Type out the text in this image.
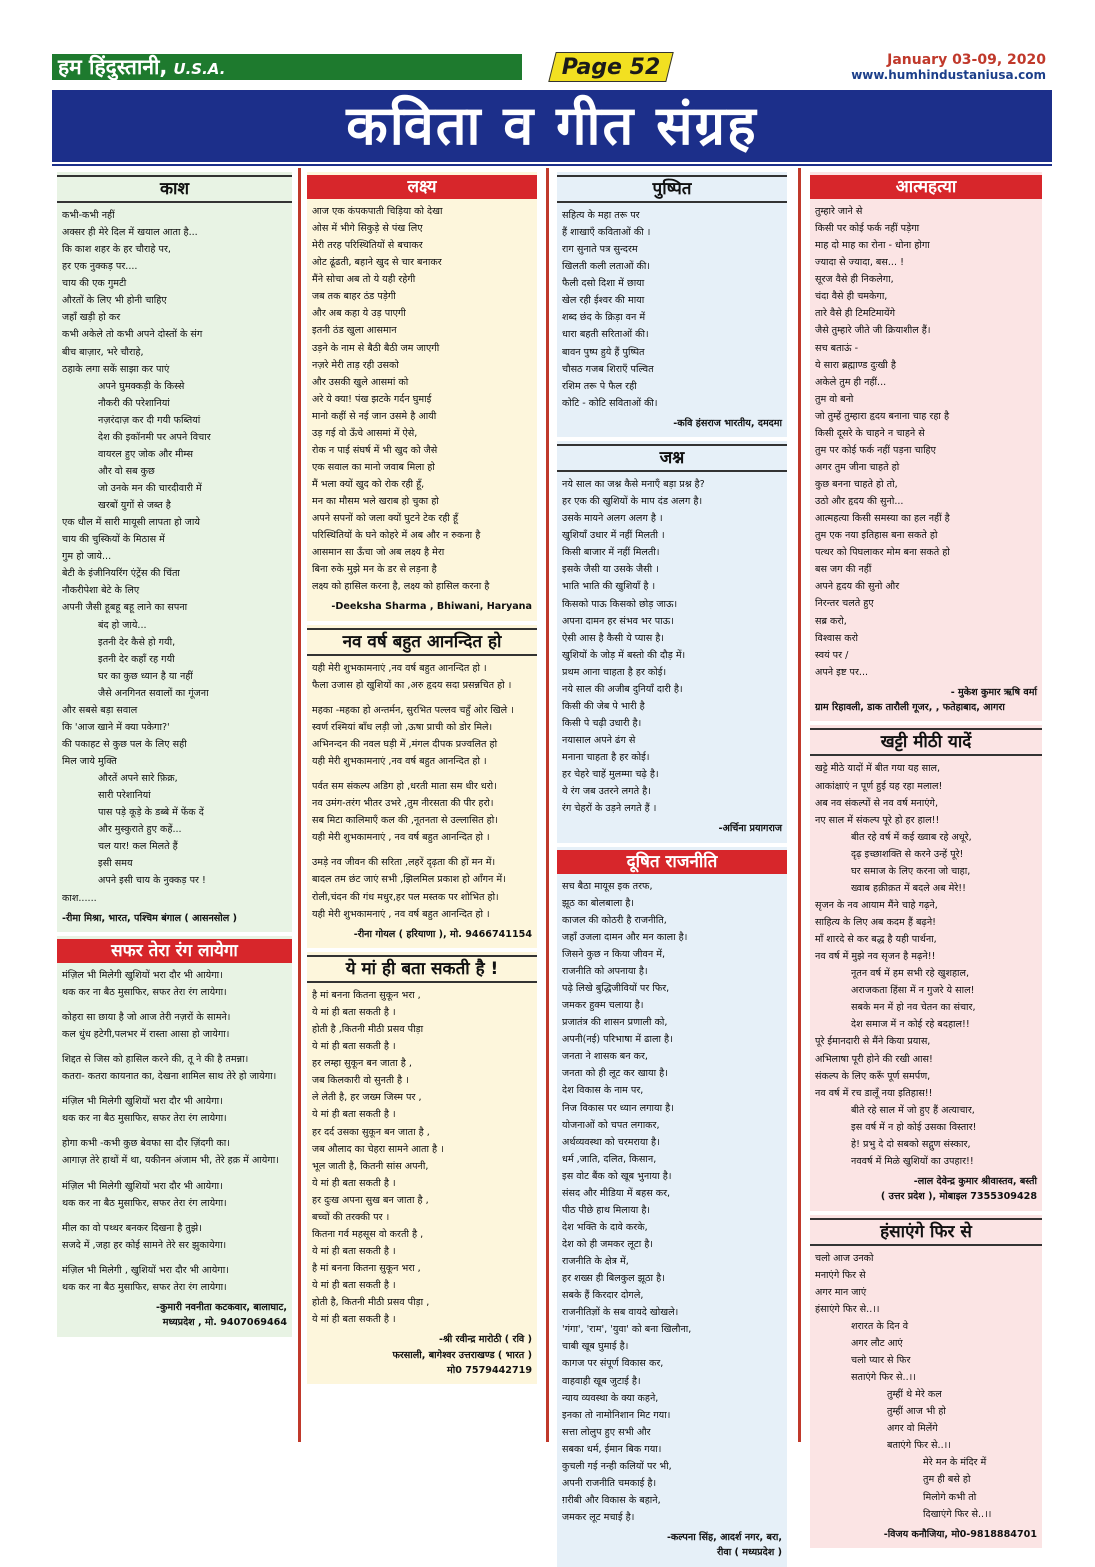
हम हिंदुस्तानी, U.S.A.	Page 52	January 03-09, 2020
www.humhindustaniusa.com
कविता व गीत संग्रह
काश
कभी-कभी नहीं
अक्सर ही मेरे दिल में खयाल आता है...
कि काश शहर के हर चौराहे पर,
हर एक नुक्कड़ पर....
चाय की एक गुमटी
औरतों के लिए भी होनी चाहिए
जहाँ खड़ी हो कर
कभी अकेले तो कभी अपने दोस्तों के संग
बीच बाज़ार, भरे चौराहे,
ठहाके लगा सकें साझा कर पाएं
अपने घुमक्कड़ी के किस्से
नौकरी की परेशानियां
नज़रंदाज़ कर दी गयी फब्तियां
देश की इकॉनमी पर अपने विचार
वायरल हुए जोक और मीम्स
और वो सब कुछ
जो उनके मन की चारदीवारी में
खरबों युगों से जब्त है
एक धौल में सारी मायूसी लापता हो जाये
चाय की चुस्कियों के मिठास में
गुम हो जाये...
बेटी के इंजीनियरिंग एंट्रेंस की चिंता
नौकरीपेशा बेटे के लिए
अपनी जैसी हूबहू बहू लाने का सपना
बंद हो जाये...
इतनी देर कैसे हो गयी,
इतनी देर कहाँ रह गयी
घर का कुछ ध्यान है या नहीं
जैसे अनगिनत सवालों का गूंजना
और सबसे बड़ा सवाल
कि 'आज खाने में क्या पकेगा?'
की पकाहट से कुछ पल के लिए सही
मिल जाये मुक्ति
औरतें अपने सारे फ़िक्र,
सारी परेशानियां
पास पड़े कूड़े के डब्बे में फेंक दें
और मुस्कुराते हुए कहें...
चल यार! कल मिलते हैं
इसी समय
अपने इसी चाय के नुक्कड़ पर !
काश......
-रीमा मिश्रा, भारत, पश्चिम बंगाल ( आसनसोल )
सफर तेरा रंग लायेगा
मंज़िल भी मिलेगी खुशियों भरा दौर भी आयेगा।
थक कर ना बैठ मुसाफिर, सफर तेरा रंग लायेगा।
कोहरा सा छाया है जो आज तेरी नज़रों के सामने।
कल धुंध हटेगी,पलभर में रास्ता आसा हो जायेगा।
शिद्दत से जिस को हासिल करने की, तू ने की है तमन्ना।
कतरा- कतरा कायनात का, देखना शामिल साथ तेरे हो जायेगा।
मंज़िल भी मिलेगी खुशियों भरा दौर भी आयेगा।
थक कर ना बैठ मुसाफिर, सफर तेरा रंग लायेगा।
होगा कभी -कभी कुछ बेवफा सा दौर ज़िंदगी का।
आगाज़ तेरे हाथों में था, यकीनन अंजाम भी, तेरे हक़ में आयेगा।
मंज़िल भी मिलेगी खुशियों भरा दौर भी आयेगा।
थक कर ना बैठ मुसाफिर, सफर तेरा रंग लायेगा।
मील का वो पथ्थर बनकर दिखना है तुझे।
सजदे में ,जहा हर कोई सामने तेरे सर झुकायेगा।
मंज़िल भी मिलेगी , खुशियों भरा दौर भी आयेगा।
थक कर ना बैठ मुसाफिर, सफर तेरा रंग लायेगा।
-कुमारी नवनीता कटकवार, बालाघाट,
मध्यप्रदेश , मो. 9407069464
लक्ष्य
आज एक कंपकपाती चिड़िया को देखा
ओस में भीगे सिकुड़े से पंख लिए
मेरी तरह परिस्थितियों से बचाकर
ओट ढूंढती, बहाने खुद से चार बनाकर
मैंने सोचा अब तो ये यही रहेगी
जब तक बाहर ठंड पड़ेगी
और अब कहा ये उड़ पाएगी
इतनी ठंड खुला आसमान
उड़ने के नाम से बैठी बैठी जम जाएगी
नज़रे मेरी ताड़ रही उसको
और उसकी खुले आसमां को
अरे ये क्या! पंख झटके गर्दन घुमाई
मानो कहीं से नई जान उसमे है आयी
उड़ गई वो ऊँचे आसमां में ऐसे,
रोक न पाई संघर्ष में भी खुद को जैसे
एक सवाल का मानो जवाब मिला हो
मैं भला क्यों खुद को रोक रही हूँ,
मन का मौसम भले खराब हो चुका हो
अपने सपनों को जला क्यों घुटने टेक रही हूँ
परिस्थितियों के घने कोहरे में अब और न रुकना है
आसमान सा ऊँचा जो अब लक्ष्य है मेरा
बिना रुके मुझे मन के डर से लड़ना है
लक्ष्य को हासिल करना है, लक्ष्य को हासिल करना है
-Deeksha Sharma , Bhiwani, Haryana
नव वर्ष बहुत आनन्दित हो
यही मेरी शुभकामनाएं ,नव वर्ष बहुत आनन्दित हो ।
फैला उजास हो खुशियों का ,अरु हृदय सदा प्रसन्नचित हो ।
महका -महका हो अन्तर्मन, सुरभित पल्लव चहुँ ओर खिले ।
स्वर्ण रश्मियां बाँध लड़ी जो ,ऊषा प्राची को डोर मिले।
अभिनन्दन की नवल घड़ी में ,मंगल दीपक प्रज्वलित हो
यही मेरी शुभकामनाएं ,नव वर्ष बहुत आनन्दित हो ।
पर्वत सम संकल्प अडिग हो ,धरती माता सम धीर धरो।
नव उमंग-तरंग भीतर उभरे ,तुम नीरसता की पीर हरो।
सब मिटा कालिमाएँ कल की ,नूतनता से उल्लासित हो।
यही मेरी शुभकामनाएं , नव वर्ष बहुत आनन्दित हो ।
उमड़े नव जीवन की सरिता ,लहरें दृढ़ता की हों मन में।
बादल तम छंट जाएं सभी ,झिलमिल प्रकाश हो आँगन में।
रोली,चंदन की गंध मधुर,हर पल मस्तक पर शोभित हो।
यही मेरी शुभकामनाएं , नव वर्ष बहुत आनन्दित हो ।
-रीना गोयल ( हरियाणा ), मो. 9466741154
ये मां ही बता सकती है !
है मां बनना कितना सुकून भरा ,
ये मां ही बता सकती है ।
होती है ,कितनी मीठी प्रसव पीड़ा
ये मां ही बता सकती है ।
हर लम्हा सुकून बन जाता है ,
जब किलकारी वो सुनती है ।
ले लेती है, हर जख्म जिस्म पर ,
ये मां ही बता सकती है ।
हर दर्द उसका सुकून बन जाता है ,
जब औलाद का चेहरा सामने आता है ।
भूल जाती है, कितनी सांस अपनी,
ये मां ही बता सकती है ।
हर दुःख अपना सुख बन जाता है ,
बच्चों की तरक्की पर ।
कितना गर्व महसूस वो करती है ,
ये मां ही बता सकती है ।
है मां बनना कितना सुकून भरा ,
ये मां ही बता सकती है ।
होती है, कितनी मीठी प्रसव पीड़ा ,
ये मां ही बता सकती है ।
-श्री रवीन्द्र मारोठी ( रवि )
फरसाली, बागेश्वर उत्तराखण्ड ( भारत )
मो0 7579442719
पुष्पित
सहित्य के महा तरू पर
हैं शाखाएँ कविताओं की ।
राग सुनाते पत्र सुन्दरम
खिलती कली लताओं की।
फैली दसो दिशा में छाया
खेल रही ईश्वर की माया
शब्द छंद के क्रिड़ा वन में
धारा बहती सरिताओं की।
बावन पुष्प हुये हैं पुष्पित
चौसठ गजब शिराएँ पल्वित
रशिम तरू पे फैल रही
कोटि - कोटि सविताओं की।
-कवि हंसराज भारतीय, दमदमा
जश्न
नये साल का जश्न कैसे मनाएँ बड़ा प्रश्न है?
हर एक की खुशियों के माप दंड अलग है।
उसके मायने अलग अलग है ।
खुशियाँ उधार में नहीं मिलती ।
किसी बाजार में नहीं मिलती।
इसके जैसी या उसके जैसी ।
भाति भाति की खुशियाँ है ।
किसको पाऊ किसको छोड़ जाऊ।
अपना दामन हर संभव भर पाऊ।
ऐसी आस है कैसी ये प्यास है।
खुशियों के जोड़ में बस्तो की दौड़ में।
प्रथम आना चाहता है हर कोई।
नये साल की अजीब दुनियाँ दारी है।
किसी की जेब पे भारी है
किसी पे चढ़ी उधारी है।
नयासाल अपने ढंग से
मनाना चाहता है हर कोई।
हर चेहरे चाहें मुलम्मा चढ़े है।
ये रंग जब उतरने लगते है।
रंग चेहरों के उड़ने लगते हैं ।
-अर्चिना प्रयागराज
दूषित राजनीति
सच बैठा मायूस इक तरफ,
झूठ का बोलबाला है।
काजल की कोठरी है राजनीति,
जहाँ उजला दामन और मन काला है।
जिसने कुछ न किया जीवन में,
राजनीति को अपनाया है।
पढ़े लिखे बुद्धिजीवियों पर फिर,
जमकर हुक्म चलाया है।
प्रजातंत्र की शासन प्रणाली को,
अपनी(नई) परिभाषा में ढाला है।
जनता ने शासक बन कर,
जनता को ही लूट कर खाया है।
देश विकास के नाम पर,
निज विकास पर ध्यान लगाया है।
योजनाओं को चपत लगाकर,
अर्थव्यवस्था को चरमराया है।
धर्म ,जाति, दलित, किसान,
इस वोट बैंक को खूब भुनाया है।
संसद और मीडिया में बहस कर,
पीठ पीछे हाथ मिलाया है।
देश भक्ति के दावे करके,
देश को ही जमकर लूटा है।
राजनीति के क्षेत्र में,
हर शख्स ही बिलकुल झूठा है।
सबके हैं किरदार दोगले,
राजनीतिज्ञों के सब वायदे खोखले।
'गंगा', 'राम', 'युवा' को बना खिलौना,
चाबी खूब घुमाई है।
कागज पर संपूर्ण विकास कर,
वाहवाही खूब जुटाई है।
न्याय व्यवस्था के क्या कहने,
इनका तो नामोनिशान मिट गया।
सत्ता लोलुप हुए सभी और
सबका धर्म, ईमान बिक गया।
कुचली गई नन्ही कलियों पर भी,
अपनी राजनीति चमकाई है।
ग़रीबी और विकास के बहाने,
जमकर लूट मचाई है।
-कल्पना सिंह, आदर्श नगर, बरा,
रीवा ( मध्यप्रदेश )
आत्महत्या
तुम्हारे जाने से
किसी पर कोई फर्क नहीं पड़ेगा
माह दो माह का रोना - धोना होगा
ज्यादा से ज्यादा, बस... !
सूरज वैसे ही निकलेगा,
चंदा वैसे ही चमकेगा,
तारे वैसे ही टिमटिमायेंगे
जैसे तुम्हारे जीते जी क्रियाशील हैं।
सच बताऊं -
ये सारा ब्रह्माण्ड दुःखी है
अकेले तुम ही नहीं...
तुम वो बनो
जो तुम्हें तुम्हारा हृदय बनाना चाह रहा है
किसी दूसरे के चाहने न चाहने से
तुम पर कोई फर्क नहीं पड़ना चाहिए
अगर तुम जीना चाहते हो
कुछ बनना चाहते हो तो,
उठो और हृदय की सुनो...
आत्महत्या किसी समस्या का हल नहीं है
तुम एक नया इतिहास बना सकते हो
पत्थर को पिघलाकर मोम बना सकते हो
बस जग की नहीं
अपने हृदय की सुनो और
निरन्तर चलते हुए
सब्र करो,
विश्वास करो
स्वयं पर /
अपने इष्ट पर...
- मुकेश कुमार ऋषि वर्मा
ग्राम रिहावली, डाक तारौली गूजर, , फतेहाबाद, आगरा
खट्टी मीठी यादें
खट्टे मीठे यादों में बीत गया यह साल,
आकांक्षाएं न पूर्ण हुई यह रहा मलाल!
अब नव संकल्पों से नव वर्ष मनाएंगे,
नए साल में संकल्प पूरे हो हर हाल!!
बीत रहे वर्ष में कई ख्वाब रहे अधूरे,
दृढ़ इच्छाशक्ति से करने उन्हें पूरे!
घर समाज के लिए करना जो चाहा,
ख्वाब हक़ीक़त में बदले अब मेरे!!
सृजन के नव आयाम मैंने चाहे गढ़ने,
साहित्य के लिए अब कदम हैं बढ़ने!
माँ शारदे से कर बद्ध है यही पार्थना,
नव वर्ष में मुझे नव सृजन है मढ़ने!!
नूतन वर्ष में हम सभी रहे खुशहाल,
अराजकता हिंसा में न गुजरे ये साल!
सबके मन में हो नव चेतन का संचार,
देश समाज में न कोई रहे बदहाल!!
पूरे ईमानदारी से मैंने किया प्रयास,
अभिलाषा पूरी होने की रखी आस!
संकल्प के लिए करूँ पूर्ण समर्पण,
नव वर्ष में रच डालूँ नया इतिहास!!
बीते रहे साल में जो हुए हैं अत्याचार,
इस वर्ष में न हो कोई उसका विस्तार!
हे! प्रभु दे दो सबको सद्गुण संस्कार,
नववर्ष में मिळे खुशियों का उपहार!!
-लाल देवेन्द्र कुमार श्रीवास्तव, बस्ती
( उत्तर प्रदेश ), मोबाइल 7355309428
हंसाएंगे फिर से
चलो आज उनको
मनाएंगे फिर से
अगर मान जाएं
हंसाएंगे फिर से..।।
शरारत के दिन वे
अगर लौट आएं
चलो प्यार से फिर
सताएंगे फिर से..।।
तुम्हीं थे मेरे कल
तुम्हीं आज भी हो
अगर वो मिलेंगे
बताएंगे फिर से..।।
मेरे मन के मंदिर में
तुम ही बसे हो
मिलोगे कभी तो
दिखाएंगे फिर से..।।
-विजय कनौजिया, मो0-9818884701
